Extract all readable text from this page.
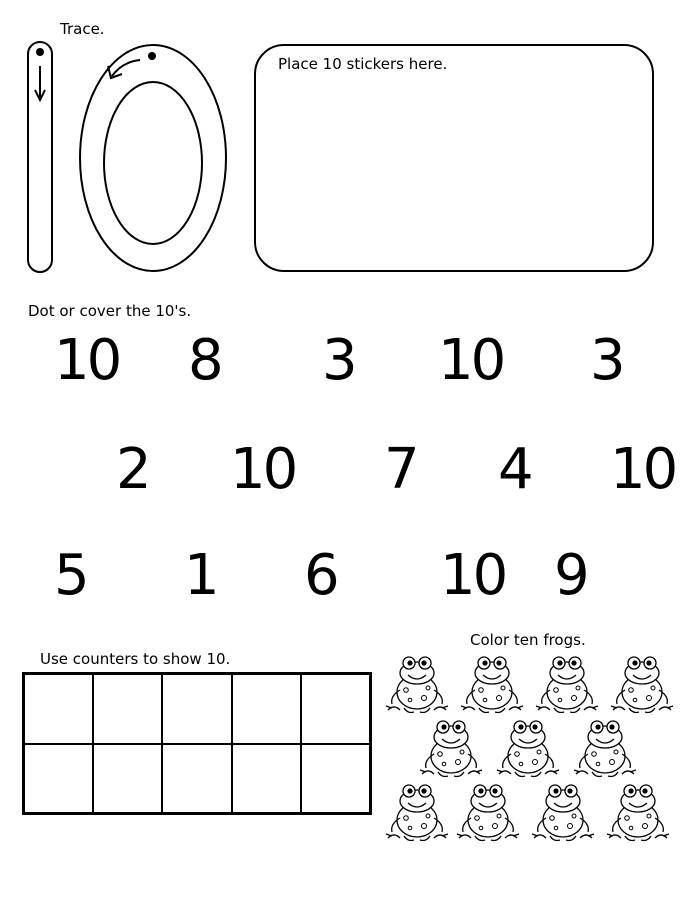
Trace.
Place 10 stickers here.
Dot or cover the 10's.
10 8 3 10 3
2 10 7 4 10
5 1 6 10 9
Use counters to show 10.
Color ten frogs.
